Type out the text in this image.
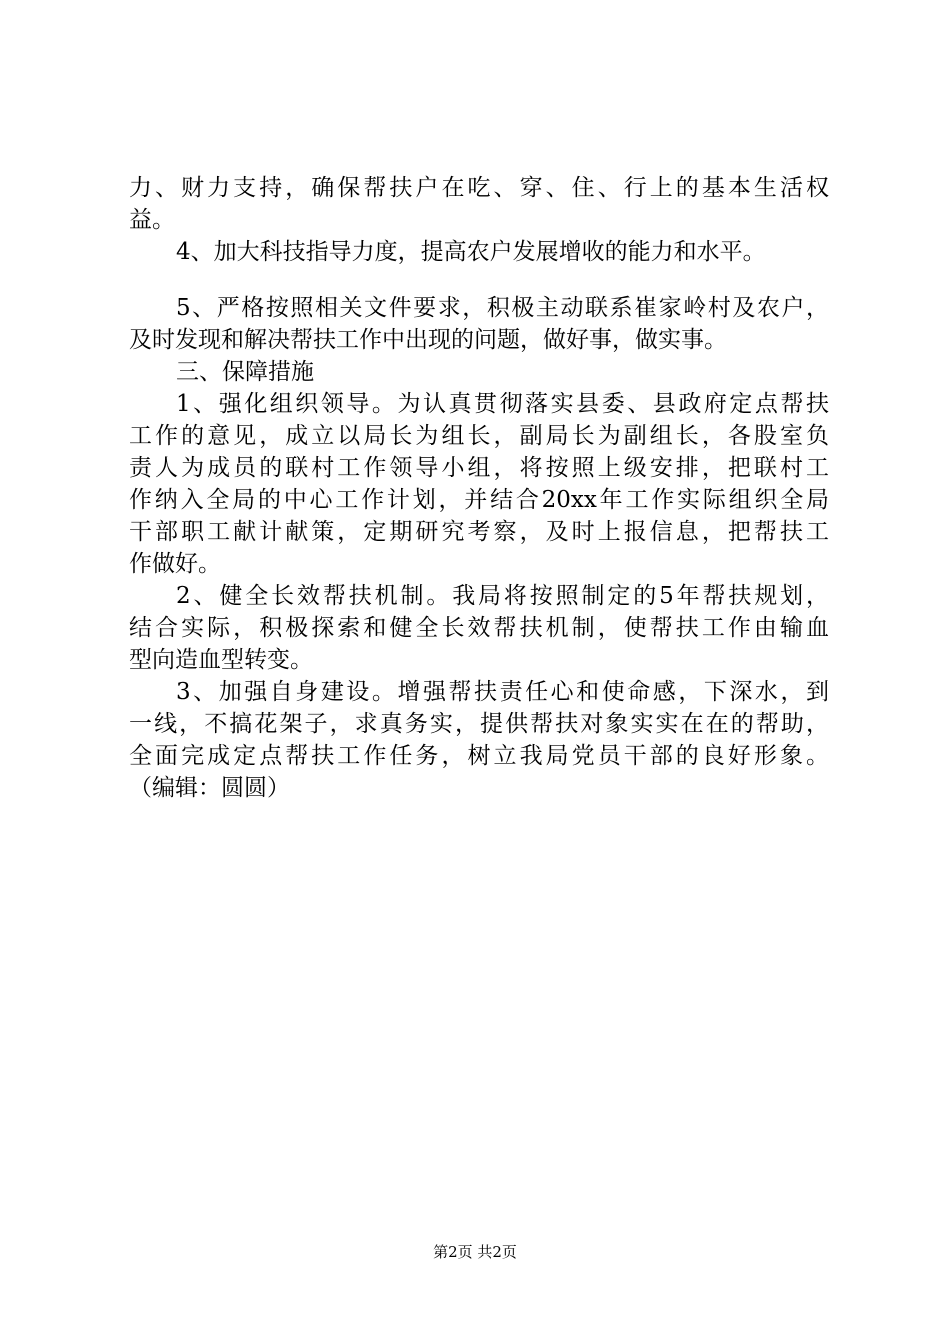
力、财力支持，确保帮扶户在吃、穿、住、行上的基本生活权
益。
4、加大科技指导力度，提高农户发展增收的能力和水平。
5、严格按照相关文件要求，积极主动联系崔家岭村及农户，
及时发现和解决帮扶工作中出现的问题，做好事，做实事。
三、保障措施
1、强化组织领导。为认真贯彻落实县委、县政府定点帮扶
工作的意见，成立以局长为组长，副局长为副组长，各股室负
责人为成员的联村工作领导小组，将按照上级安排，把联村工
作纳入全局的中心工作计划，并结合20xx年工作实际组织全局
干部职工献计献策，定期研究考察，及时上报信息，把帮扶工
作做好。
2、健全长效帮扶机制。我局将按照制定的5年帮扶规划，
结合实际，积极探索和健全长效帮扶机制，使帮扶工作由输血
型向造血型转变。
3、加强自身建设。增强帮扶责任心和使命感，下深水，到
一线，不搞花架子，求真务实，提供帮扶对象实实在在的帮助，
全面完成定点帮扶工作任务，树立我局党员干部的良好形象。
（编辑：圆圆）
第2页 共2页
